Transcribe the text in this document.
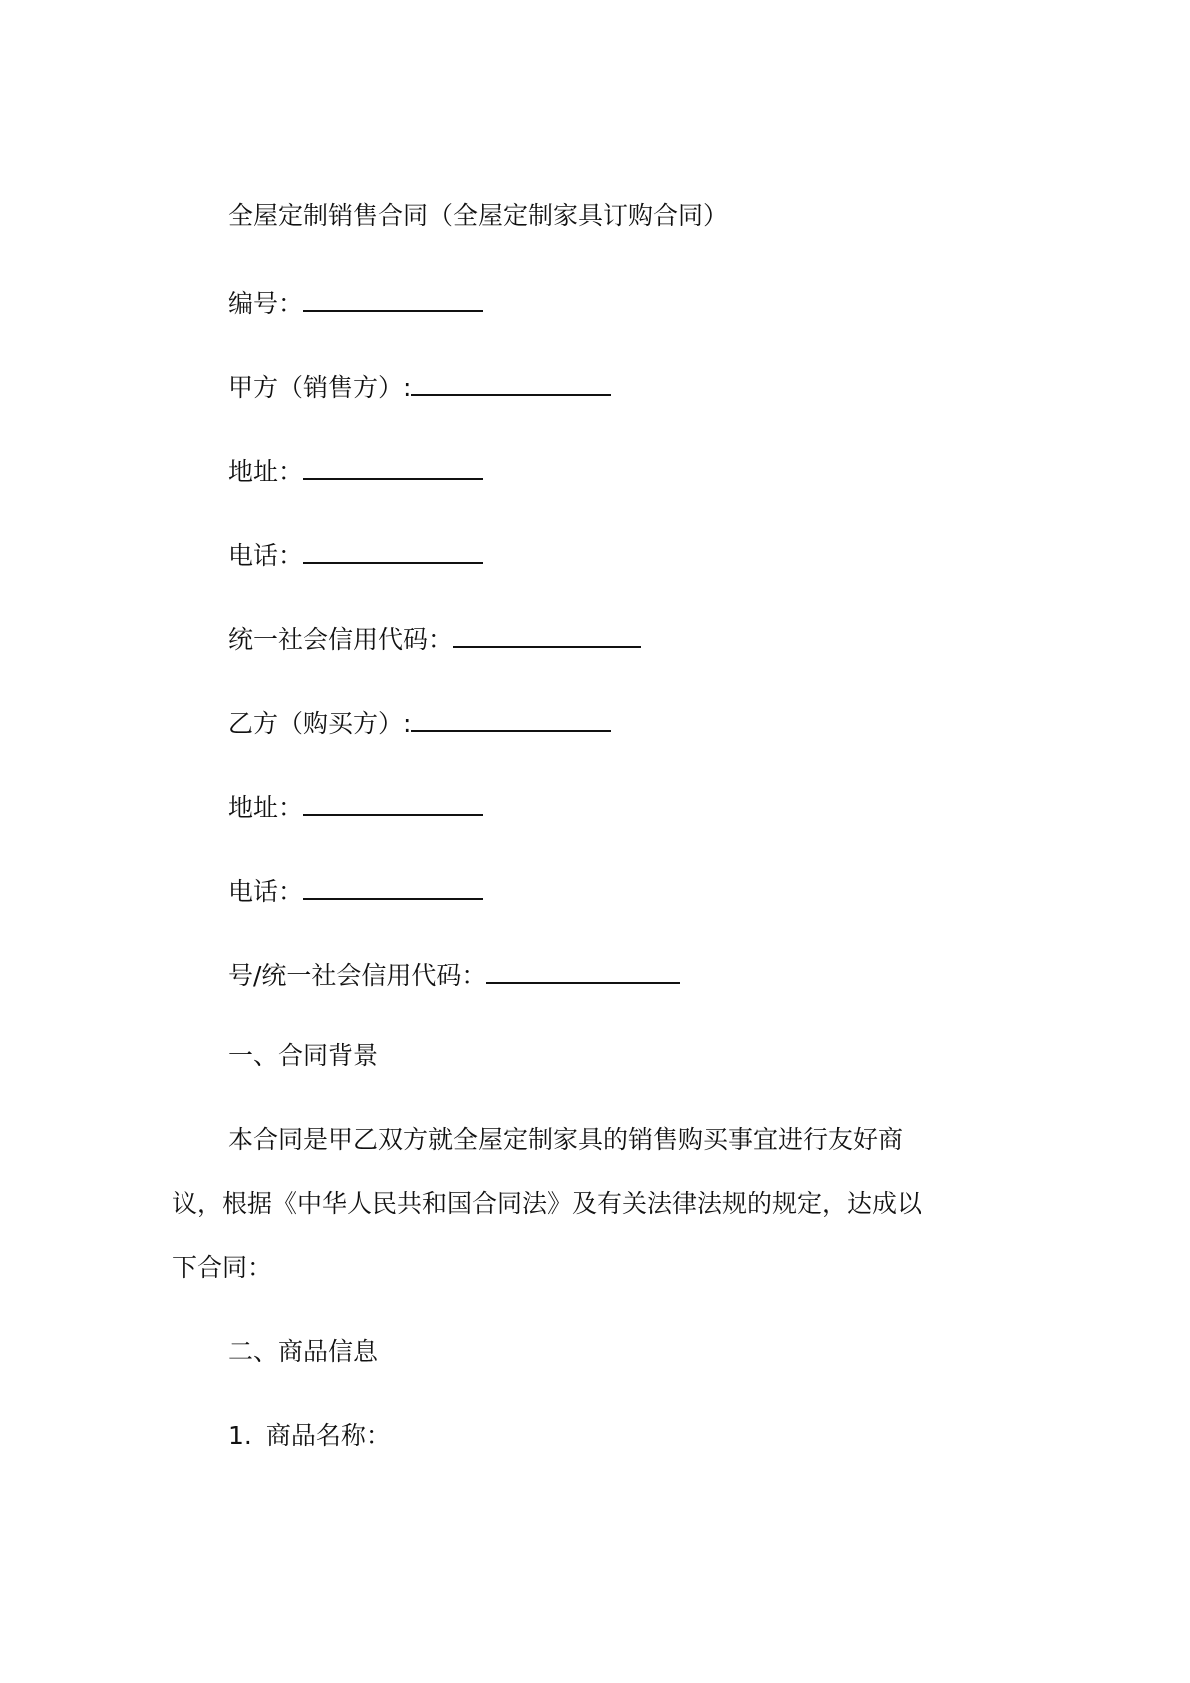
全屋定制销售合同（全屋定制家具订购合同）
编号：
甲方（销售方）:
地址：
电话：
统一社会信用代码：
乙方（购买方）:
地址：
电话：
号/统一社会信用代码：
一、合同背景
本合同是甲乙双方就全屋定制家具的销售购买事宜进行友好商
议，根据《中华人民共和国合同法》及有关法律法规的规定，达成以
下合同：
二、商品信息
1. 商品名称：
